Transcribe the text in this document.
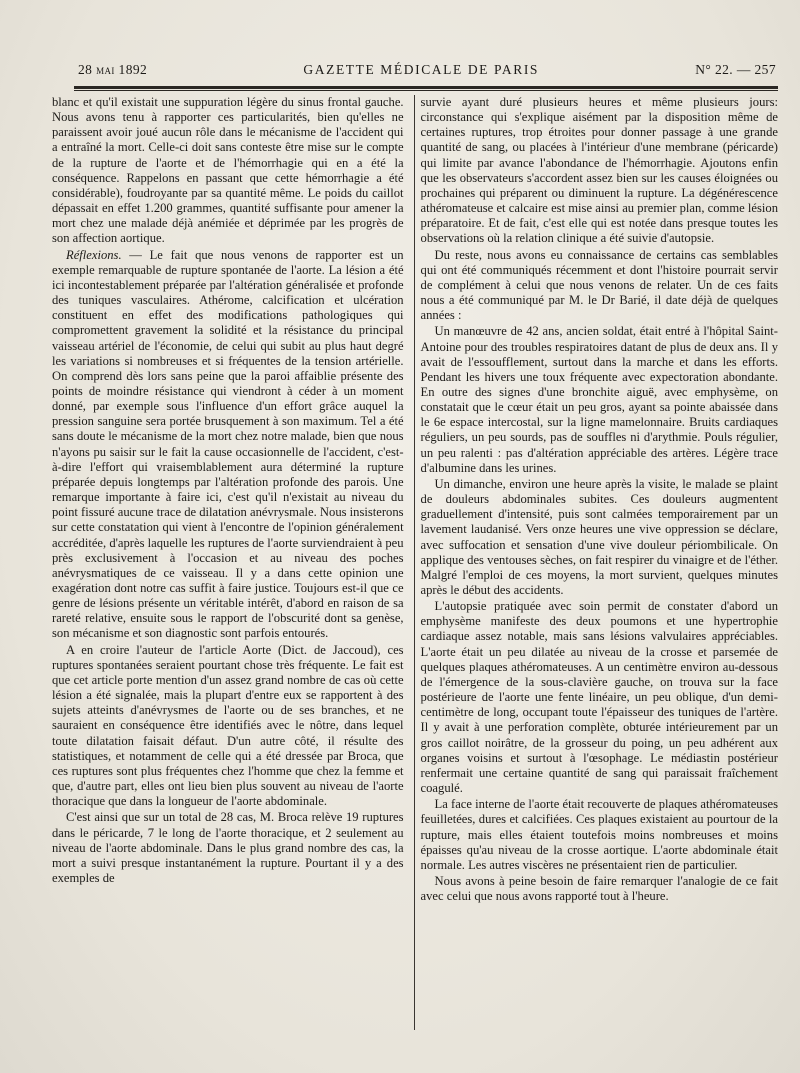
28 mai 1892	GAZETTE MÉDICALE DE PARIS	N° 22. — 257

blanc et qu'il existait une suppuration légère du sinus frontal gauche. Nous avons tenu à rapporter ces particularités, bien qu'elles ne paraissent avoir joué aucun rôle dans le mécanisme de l'accident qui a entraîné la mort. Celle-ci doit sans conteste être mise sur le compte de la rupture de l'aorte et de l'hémorrhagie qui en a été la conséquence. Rappelons en passant que cette hémorrhagie a été considérable), foudroyante par sa quantité même. Le poids du caillot dépassait en effet 1.200 grammes, quantité suffisante pour amener la mort chez une malade déjà anémiée et déprimée par les progrès de son affection aortique.

Réflexions. — Le fait que nous venons de rapporter est un exemple remarquable de rupture spontanée de l'aorte. La lésion a été ici incontestablement préparée par l'altération généralisée et profonde des tuniques vasculaires. Athérome, calcification et ulcération constituent en effet des modifications pathologiques qui compromettent gravement la solidité et la résistance du principal vaisseau artériel de l'économie, de celui qui subit au plus haut degré les variations si nombreuses et si fréquentes de la tension artérielle. On comprend dès lors sans peine que la paroi affaiblie présente des points de moindre résistance qui viendront à céder à un moment donné, par exemple sous l'influence d'un effort grâce auquel la pression sanguine sera portée brusquement à son maximum. Tel a été sans doute le mécanisme de la mort chez notre malade, bien que nous n'ayons pu saisir sur le fait la cause occasionnelle de l'accident, c'est-à-dire l'effort qui vraisemblablement aura déterminé la rupture préparée depuis longtemps par l'altération profonde des parois. Une remarque importante à faire ici, c'est qu'il n'existait au niveau du point fissuré aucune trace de dilatation anévrysmale. Nous insisterons sur cette constatation qui vient à l'encontre de l'opinion généralement accréditée, d'après laquelle les ruptures de l'aorte surviendraient à peu près exclusivement à l'occasion et au niveau des poches anévrysmatiques de ce vaisseau. Il y a dans cette opinion une exagération dont notre cas suffit à faire justice. Toujours est-il que ce genre de lésions présente un véritable intérêt, d'abord en raison de sa rareté relative, ensuite sous le rapport de l'obscurité dont sa genèse, son mécanisme et son diagnostic sont parfois entourés.

A en croire l'auteur de l'article Aorte (Dict. de Jaccoud), ces ruptures spontanées seraient pourtant chose très fréquente. Le fait est que cet article porte mention d'un assez grand nombre de cas où cette lésion a été signalée, mais la plupart d'entre eux se rapportent à des sujets atteints d'anévrysmes de l'aorte ou de ses branches, et ne sauraient en conséquence être identifiés avec le nôtre, dans lequel toute dilatation faisait défaut. D'un autre côté, il résulte des statistiques, et notamment de celle qui a été dressée par Broca, que ces ruptures sont plus fréquentes chez l'homme que chez la femme et que, d'autre part, elles ont lieu bien plus souvent au niveau de l'aorte thoracique que dans la longueur de l'aorte abdominale.

C'est ainsi que sur un total de 28 cas, M. Broca relève 19 ruptures dans le péricarde, 7 le long de l'aorte thoracique, et 2 seulement au niveau de l'aorte abdominale. Dans le plus grand nombre des cas, la mort a suivi presque instantanément la rupture. Pourtant il y a des exemples de

survie ayant duré plusieurs heures et même plusieurs jours: circonstance qui s'explique aisément par la disposition même de certaines ruptures, trop étroites pour donner passage à une grande quantité de sang, ou placées à l'intérieur d'une membrane (péricarde) qui limite par avance l'abondance de l'hémorrhagie. Ajoutons enfin que les observateurs s'accordent assez bien sur les causes éloignées ou prochaines qui préparent ou diminuent la rupture. La dégénérescence athéromateuse et calcaire est mise ainsi au premier plan, comme lésion préparatoire. Et de fait, c'est elle qui est notée dans presque toutes les observations où la relation clinique a été suivie d'autopsie.

Du reste, nous avons eu connaissance de certains cas semblables qui ont été communiqués récemment et dont l'histoire pourrait servir de complément à celui que nous venons de relater. Un de ces faits nous a été communiqué par M. le Dr Barié, il date déjà de quelques années :

Un manœuvre de 42 ans, ancien soldat, était entré à l'hôpital Saint-Antoine pour des troubles respiratoires datant de plus de deux ans. Il y avait de l'essoufflement, surtout dans la marche et dans les efforts. Pendant les hivers une toux fréquente avec expectoration abondante. En outre des signes d'une bronchite aiguë, avec emphysème, on constatait que le cœur était un peu gros, ayant sa pointe abaissée dans le 6e espace intercostal, sur la ligne mamelonnaire. Bruits cardiaques réguliers, un peu sourds, pas de souffles ni d'arythmie. Pouls régulier, un peu ralenti : pas d'altération appréciable des artères. Légère trace d'albumine dans les urines.

Un dimanche, environ une heure après la visite, le malade se plaint de douleurs abdominales subites. Ces douleurs augmentent graduellement d'intensité, puis sont calmées temporairement par un lavement laudanisé. Vers onze heures une vive oppression se déclare, avec suffocation et sensation d'une vive douleur périombilicale. On applique des ventouses sèches, on fait respirer du vinaigre et de l'éther. Malgré l'emploi de ces moyens, la mort survient, quelques minutes après le début des accidents.

L'autopsie pratiquée avec soin permit de constater d'abord un emphysème manifeste des deux poumons et une hypertrophie cardiaque assez notable, mais sans lésions valvulaires appréciables. L'aorte était un peu dilatée au niveau de la crosse et parsemée de quelques plaques athéromateuses. A un centimètre environ au-dessous de l'émergence de la sous-clavière gauche, on trouva sur la face postérieure de l'aorte une fente linéaire, un peu oblique, d'un demi-centimètre de long, occupant toute l'épaisseur des tuniques de l'artère. Il y avait à une perforation complète, obturée intérieurement par un gros caillot noirâtre, de la grosseur du poing, un peu adhérent aux organes voisins et surtout à l'œsophage. Le médiastin postérieur renfermait une certaine quantité de sang qui paraissait fraîchement coagulé.

La face interne de l'aorte était recouverte de plaques athéromateuses feuilletées, dures et calcifiées. Ces plaques existaient au pourtour de la rupture, mais elles étaient toutefois moins nombreuses et moins épaisses qu'au niveau de la crosse aortique. L'aorte abdominale était normale. Les autres viscères ne présentaient rien de particulier.

Nous avons à peine besoin de faire remarquer l'analogie de ce fait avec celui que nous avons rapporté tout à l'heure.
